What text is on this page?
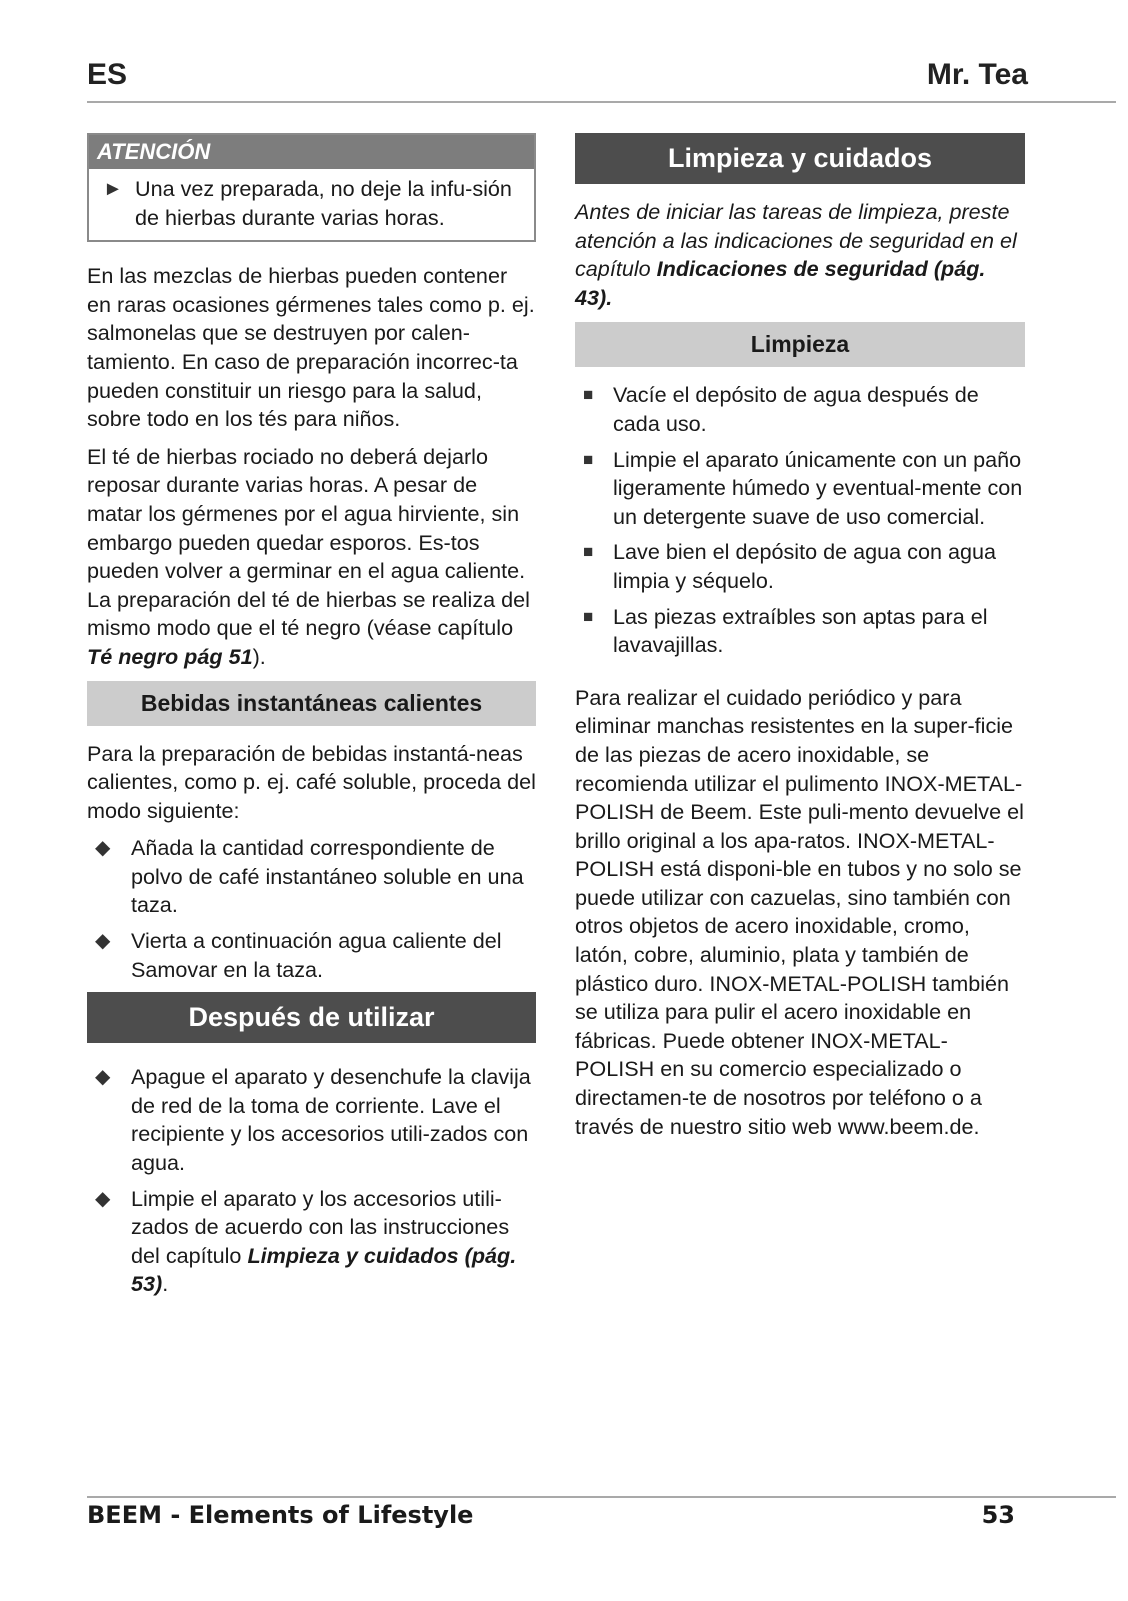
ES	Mr. Tea
ATENCIÓN
► Una vez preparada, no deje la infu-sión de hierbas durante varias horas.

En las mezclas de hierbas pueden contener en raras ocasiones gérmenes tales como p. ej. salmonelas que se destruyen por calen-tamiento. En caso de preparación incorrec-ta pueden constituir un riesgo para la salud, sobre todo en los tés para niños.

El té de hierbas rociado no deberá dejarlo reposar durante varias horas. A pesar de matar los gérmenes por el agua hirviente, sin embargo pueden quedar esporos. Es-tos pueden volver a germinar en el agua caliente. La preparación del té de hierbas se realiza del mismo modo que el té negro (véase capítulo Té negro pág 51).

Bebidas instantáneas calientes

Para la preparación de bebidas instantá-neas calientes, como p. ej. café soluble, proceda del modo siguiente:

◆ Añada la cantidad correspondiente de polvo de café instantáneo soluble en una taza.
◆ Vierta a continuación agua caliente del Samovar en la taza.
Después de utilizar
◆ Apague el aparato y desenchufe la clavija de red de la toma de corriente. Lave el recipiente y los accesorios utili-zados con agua.
◆ Limpie el aparato y los accesorios utili-zados de acuerdo con las instrucciones del capítulo Limpieza y cuidados (pág. 53).
Limpieza y cuidados

Antes de iniciar las tareas de limpieza, preste atención a las indicaciones de seguridad en el capítulo Indicaciones de seguridad (pág. 43).

Limpieza
■ Vacíe el depósito de agua después de cada uso.
■ Limpie el aparato únicamente con un paño ligeramente húmedo y eventual-mente con un detergente suave de uso comercial.
■ Lave bien el depósito de agua con agua limpia y séquelo.
■ Las piezas extraíbles son aptas para el lavavajillas.

Para realizar el cuidado periódico y para eliminar manchas resistentes en la super-ficie de las piezas de acero inoxidable, se recomienda utilizar el pulimento INOX-METAL-POLISH de Beem. Este puli-mento devuelve el brillo original a los apa-ratos. INOX-METAL-POLISH está disponi-ble en tubos y no solo se puede utilizar con cazuelas, sino también con otros objetos de acero inoxidable, cromo, latón, cobre, aluminio, plata y también de plástico duro. INOX-METAL-POLISH también se utiliza para pulir el acero inoxidable en fábricas. Puede obtener INOX-METAL-POLISH en su comercio especializado o directamen-te de nosotros por teléfono o a través de nuestro sitio web www.beem.de.

BEEM - Elements of Lifestyle	53
